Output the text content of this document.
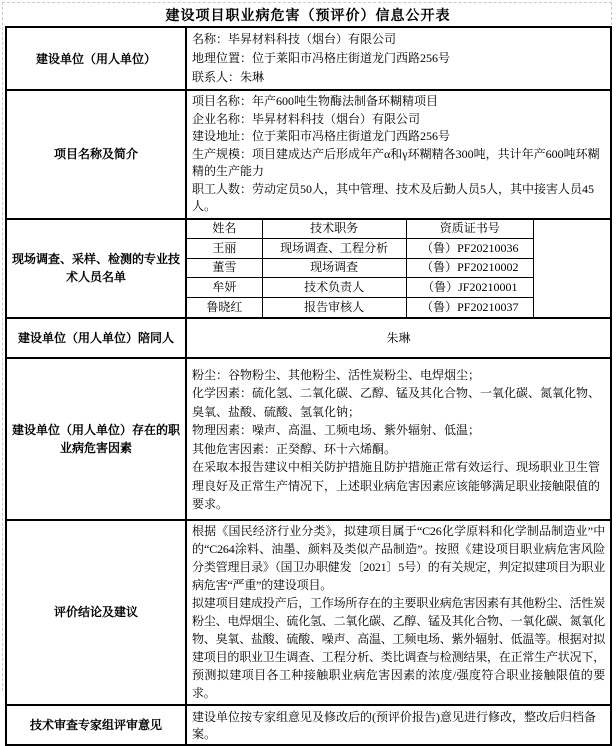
建设项目职业病危害（预评价）信息公开表
建设单位（用人单位）	
名称：毕昇材料科技（烟台）有限公司
地理位置：位于莱阳市冯格庄街道龙门西路256号
联系人：朱琳

项目名称及简介	
项目名称：年产600吨生物酶法制备环糊精项目
企业名称：毕昇材料科技（烟台）有限公司
建设地址：位于莱阳市冯格庄街道龙门西路256号
生产规模：项目建成达产后形成年产α和γ环糊精各300吨，共计年产600吨环糊精的生产能力
职工人数：劳动定员50人，其中管理、技术及后勤人员5人，其中接害人员45人。

现场调查、采样、检测的专业技术人员名单	
姓名	技术职务	资质证书号	
王丽	现场调查、工程分析	（鲁）PF20210036
董雪	现场调查	（鲁）PF20210002
牟妍	技术负责人	（鲁）JF20210001
鲁晓红	报告审核人	（鲁）PF20210037

建设单位（用人单位）陪同人	朱琳
建设单位（用人单位）存在的职业病危害因素	
粉尘：谷物粉尘、其他粉尘、活性炭粉尘、电焊烟尘；
化学因素：硫化氢、二氧化碳、乙醇、锰及其化合物、一氧化碳、氮氧化物、臭氧、盐酸、硫酸、氢氧化钠；
物理因素：噪声、高温、工频电场、紫外辐射、低温；
其他危害因素：正癸醇、环十六烯酮。
在采取本报告建议中相关防护措施且防护措施正常有效运行、现场职业卫生管理良好及正常生产情况下，上述职业病危害因素应该能够满足职业接触限值的要求。

评价结论及建议	
根据《国民经济行业分类》，拟建项目属于“C26化学原料和化学制品制造业”中的“C264涂料、油墨、颜料及类似产品制造”。按照《建设项目职业病危害风险分类管理目录》（国卫办职健发〔2021〕5号）的有关规定，判定拟建项目为职业病危害“严重”的建设项目。
拟建项目建成投产后，工作场所存在的主要职业病危害因素有其他粉尘、活性炭粉尘、电焊烟尘、硫化氢、二氧化碳、乙醇、锰及其化合物、一氧化碳、氮氧化物、臭氧、盐酸、硫酸、噪声、高温、工频电场、紫外辐射、低温等。根据对拟建项目的职业卫生调查、工程分析、类比调查与检测结果，在正常生产状况下，预测拟建项目各工种接触职业病危害因素的浓度/强度符合职业接触限值的要求。

技术审查专家组评审意见	建设单位按专家组意见及修改后的(预评价报告)意见进行修改，整改后归档备案。
